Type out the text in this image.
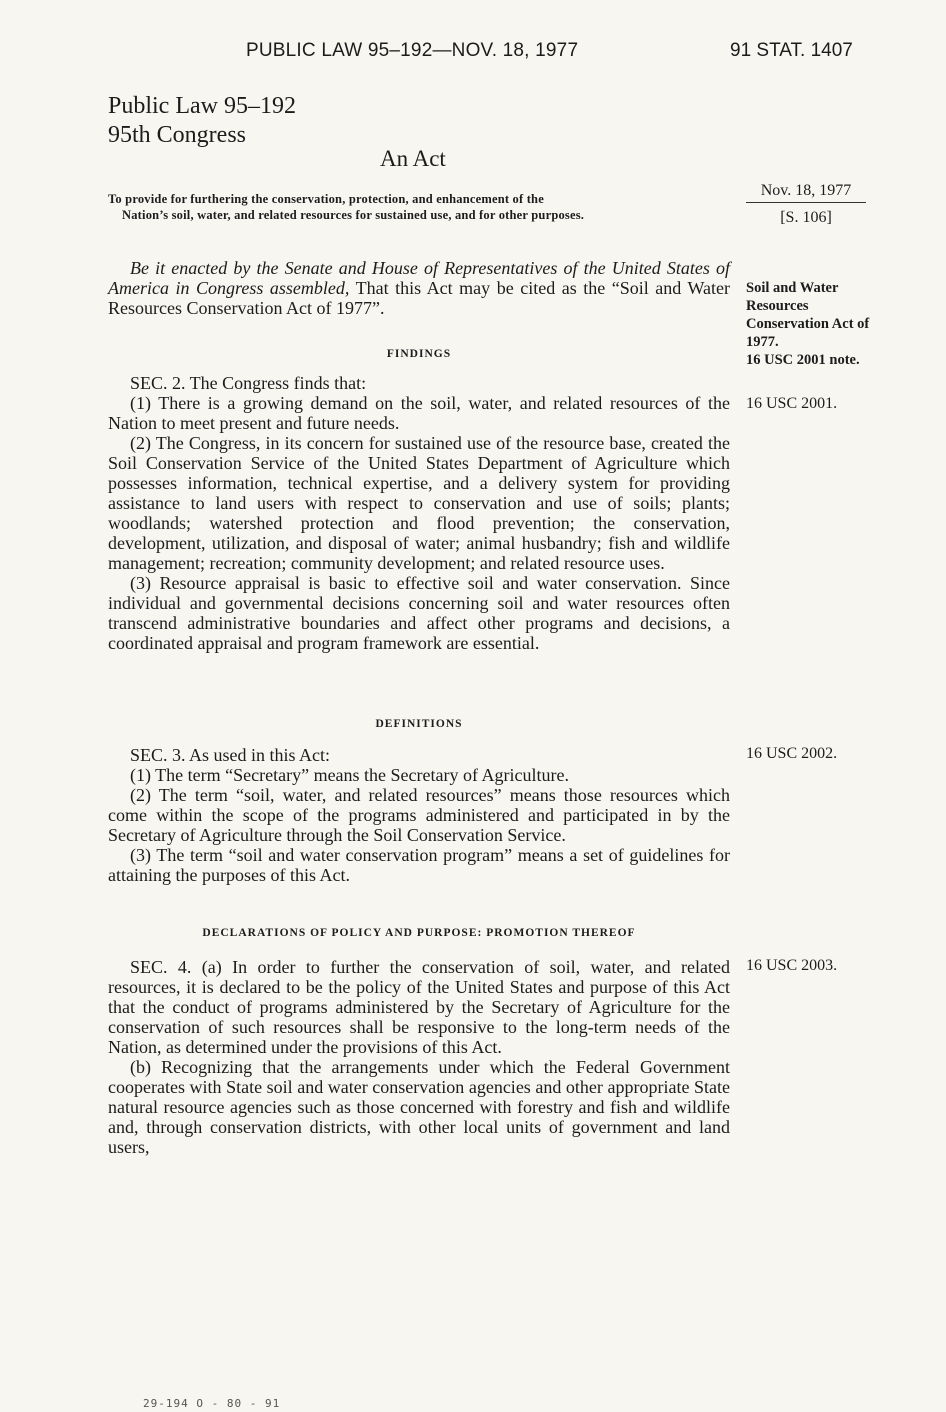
PUBLIC LAW 95–192—NOV. 18, 1977	91 STAT. 1407
Public Law 95–192
95th Congress
An Act
To provide for furthering the conservation, protection, and enhancement of the
Nation’s soil, water, and related resources for sustained use, and for other purposes.
Nov. 18, 1977
[S. 106]

Be it enacted by the Senate and House of Representatives of the United States of America in Congress assembled, That this Act may be cited as the “Soil and Water Resources Conservation Act of 1977”.

Soil and Water Resources Conservation Act of 1977.
16 USC 2001 note.
FINDINGS

SEC. 2. The Congress finds that:

(1) There is a growing demand on the soil, water, and related resources of the Nation to meet present and future needs.

(2) The Congress, in its concern for sustained use of the resource base, created the Soil Conservation Service of the United States Department of Agriculture which possesses information, technical expertise, and a delivery system for providing assistance to land users with respect to conservation and use of soils; plants; woodlands; watershed protection and flood prevention; the conservation, development, utilization, and disposal of water; animal husbandry; fish and wildlife management; recreation; community development; and related resource uses.

(3) Resource appraisal is basic to effective soil and water conservation. Since individual and governmental decisions concerning soil and water resources often transcend administrative boundaries and affect other programs and decisions, a coordinated appraisal and program framework are essential.

16 USC 2001.
DEFINITIONS

SEC. 3. As used in this Act:

(1) The term “Secretary” means the Secretary of Agriculture.

(2) The term “soil, water, and related resources” means those resources which come within the scope of the programs administered and participated in by the Secretary of Agriculture through the Soil Conservation Service.

(3) The term “soil and water conservation program” means a set of guidelines for attaining the purposes of this Act.

16 USC 2002.
DECLARATIONS OF POLICY AND PURPOSE: PROMOTION THEREOF

SEC. 4. (a) In order to further the conservation of soil, water, and related resources, it is declared to be the policy of the United States and purpose of this Act that the conduct of programs administered by the Secretary of Agriculture for the conservation of such resources shall be responsive to the long-term needs of the Nation, as determined under the provisions of this Act.

(b) Recognizing that the arrangements under which the Federal Government cooperates with State soil and water conservation agencies and other appropriate State natural resource agencies such as those concerned with forestry and fish and wildlife and, through conservation districts, with other local units of government and land users,

16 USC 2003.
29-194 O - 80 - 91
